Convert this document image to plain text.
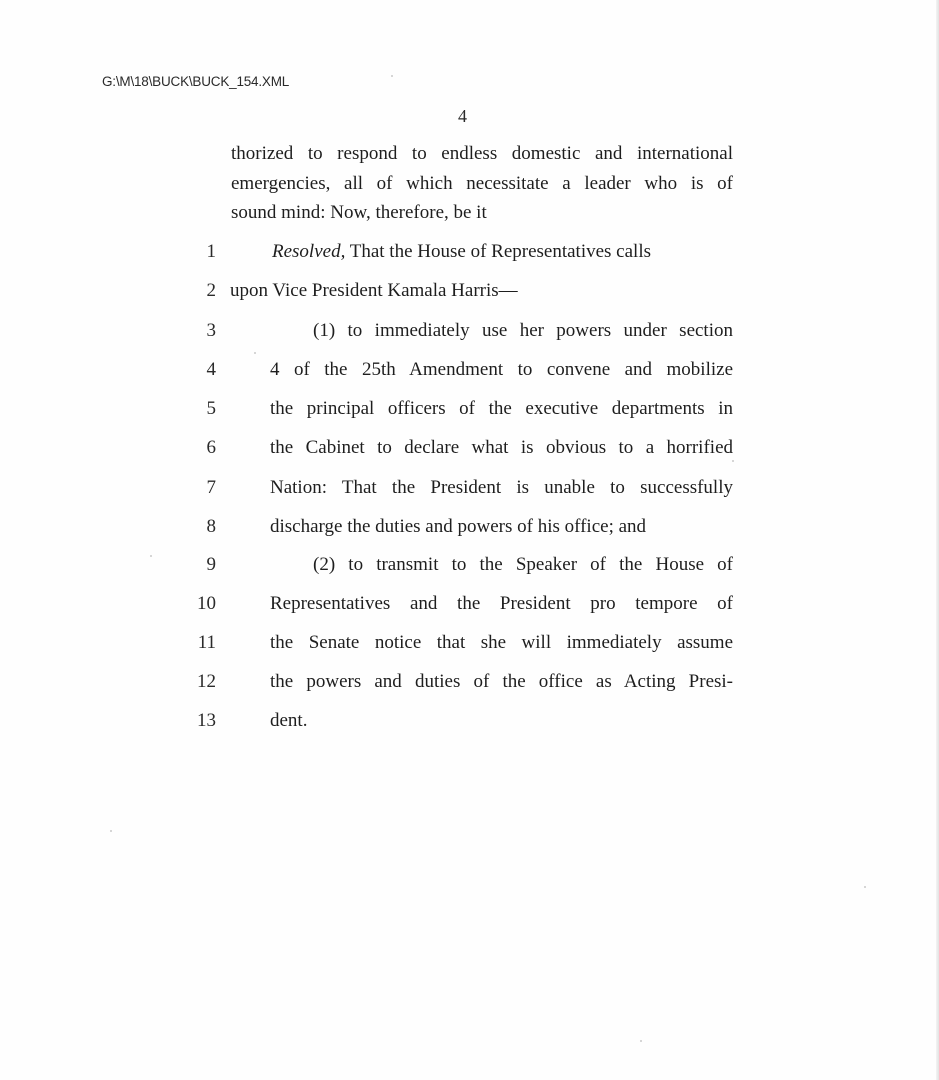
G:\M\18\BUCK\BUCK_154.XML
4
thorized to respond to endless domestic and international
emergencies, all of which necessitate a leader who is of
sound mind: Now, therefore, be it
1	Resolved, That the House of Representatives calls
2 upon Vice President Kamala Harris—
3	(1) to immediately use her powers under section
4	4 of the 25th Amendment to convene and mobilize
5	the principal officers of the executive departments in
6	the Cabinet to declare what is obvious to a horrified
7	Nation: That the President is unable to successfully
8	discharge the duties and powers of his office; and
9	(2) to transmit to the Speaker of the House of
10	Representatives and the President pro tempore of
11	the Senate notice that she will immediately assume
12	the powers and duties of the office as Acting Presi-
13	dent.
